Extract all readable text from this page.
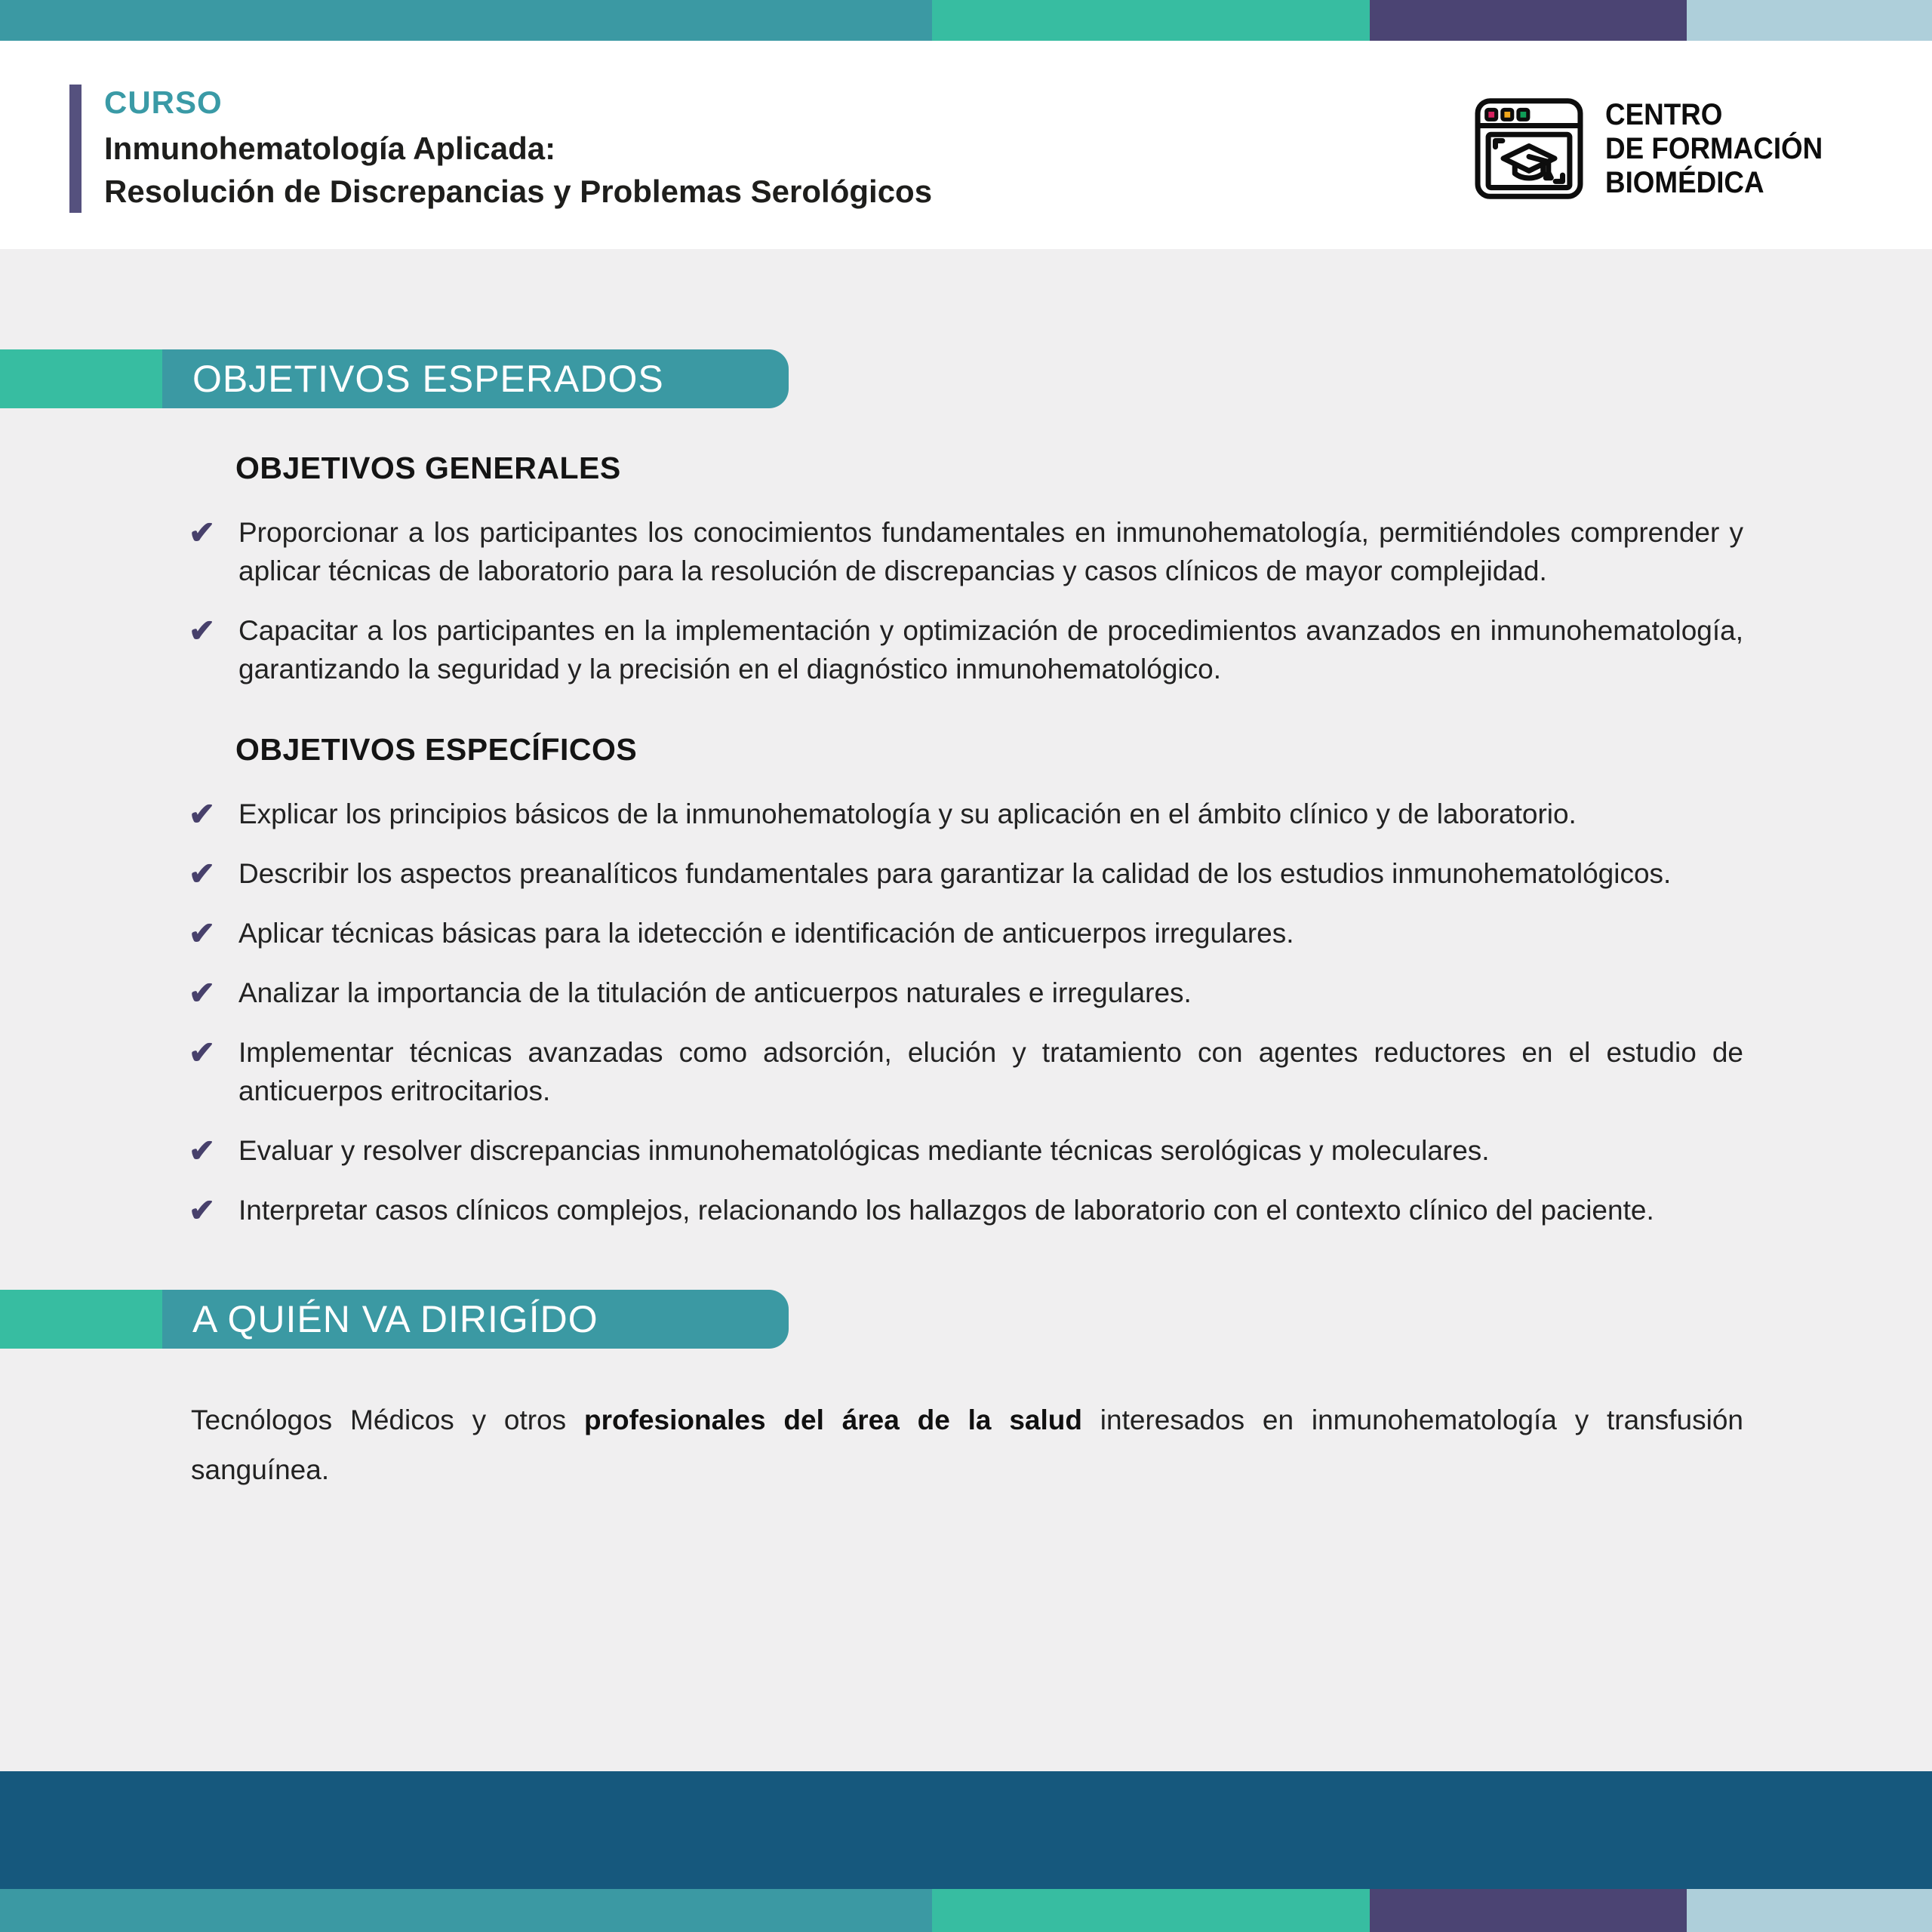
CURSO
Inmunohematología Aplicada:
Resolución de Discrepancias y Problemas Serológicos
CENTRO
DE FORMACIÓN
BIOMÉDICA
OBJETIVOS ESPERADOS
OBJETIVOS GENERALES
✔ Proporcionar a los participantes los conocimientos fundamentales en inmunohematología, permitiéndoles comprender y aplicar técnicas de laboratorio para la resolución de discrepancias y casos clínicos de mayor complejidad.

✔ Capacitar a los participantes en la implementación y optimización de procedimientos avanzados en inmunohematología, garantizando la seguridad y la precisión en el diagnóstico inmunohematológico.

OBJETIVOS ESPECÍFICOS
✔ Explicar los principios básicos de la inmunohematología y su aplicación en el ámbito clínico y de laboratorio.

✔ Describir los aspectos preanalíticos fundamentales para garantizar la calidad de los estudios inmunohematológicos.

✔ Aplicar técnicas básicas para la idetección e identificación de anticuerpos irregulares.

✔ Analizar la importancia de la titulación de anticuerpos naturales e irregulares.

✔ Implementar técnicas avanzadas como adsorción, elución y tratamiento con agentes reductores en el estudio de anticuerpos eritrocitarios.

✔ Evaluar y resolver discrepancias inmunohematológicas mediante técnicas serológicas y moleculares.

✔ Interpretar casos clínicos complejos, relacionando los hallazgos de laboratorio con el contexto clínico del paciente.

A QUIÉN VA DIRIGÍDO

Tecnólogos Médicos y otros profesionales del área de la salud interesados en inmunohematología y transfusión sanguínea.
